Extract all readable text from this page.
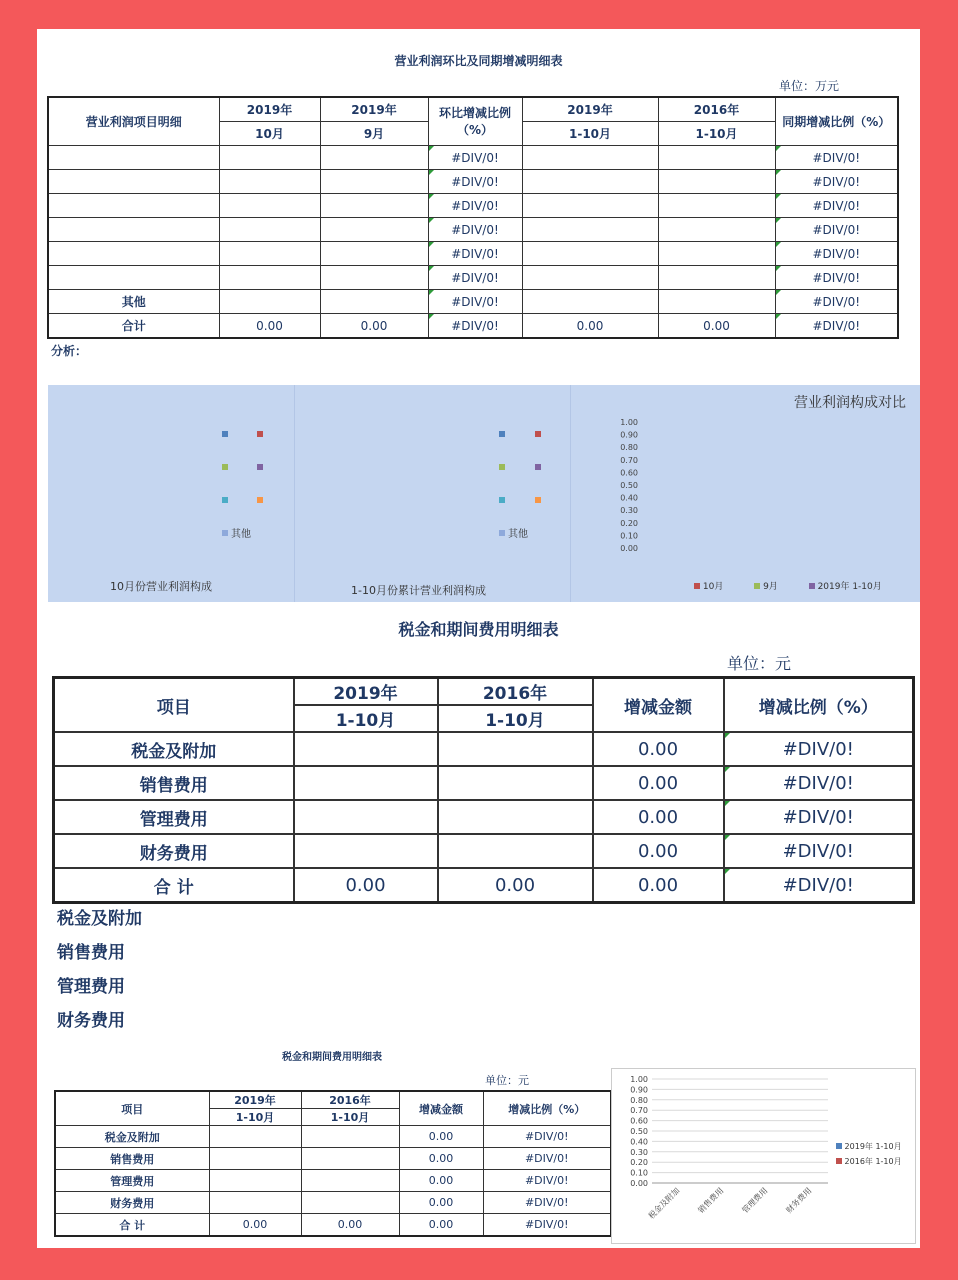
营业利润环比及同期增减明细表
单位：万元
营业利润项目明细	2019年	2019年	环比增减比例（%）	2019年	2016年	同期增减比例（%）
	10月	9月		1-10月	1-10月	
			#DIV/0!			#DIV/0!
			#DIV/0!			#DIV/0!
			#DIV/0!			#DIV/0!
			#DIV/0!			#DIV/0!
			#DIV/0!			#DIV/0!
			#DIV/0!			#DIV/0!
其他			#DIV/0!			#DIV/0!
合计	0.00	0.00	#DIV/0!	0.00	0.00	#DIV/0!
分析：
其他
10月份营业利润构成
其他
1-10月份累计营业利润构成
营业利润构成对比
1.00
0.90
0.80
0.70
0.60
0.50
0.40
0.30
0.20
0.10
0.00
10月	9月	2019年 1-10月
税金和期间费用明细表
单位：元
项目	2019年	2016年	增减金额	增减比例（%）
	1-10月	1-10月		
税金及附加			0.00	#DIV/0!
销售费用			0.00	#DIV/0!
管理费用			0.00	#DIV/0!
财务费用			0.00	#DIV/0!
合 计	0.00	0.00	0.00	#DIV/0!
税金及附加
销售费用
管理费用
财务费用
税金和期间费用明细表
单位：元
项目	2019年	2016年	增减金额	增减比例（%）
	1-10月	1-10月		
税金及附加			0.00	#DIV/0!
销售费用			0.00	#DIV/0!
管理费用			0.00	#DIV/0!
财务费用			0.00	#DIV/0!
合 计	0.00	0.00	0.00	#DIV/0!
0.00
0.10
0.20
0.30
0.40
0.50
0.60
0.70
0.80
0.90
1.00
税金及附加 销售费用 管理费用 财务费用
2019年 1-10月
2016年 1-10月
